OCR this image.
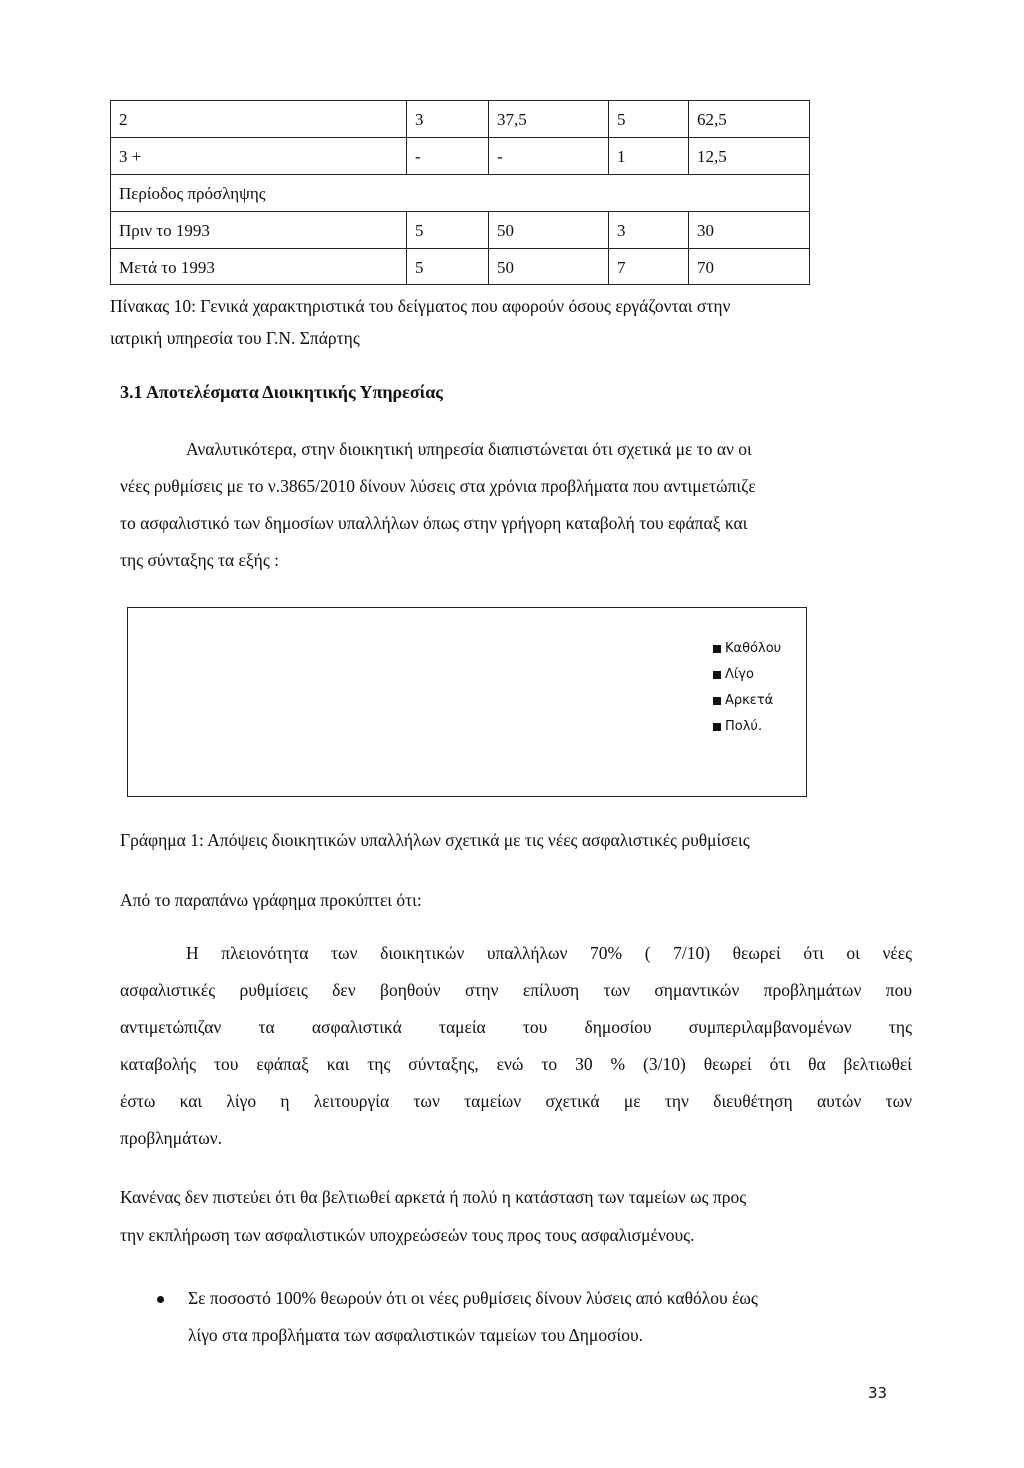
2	3	37,5	5	62,5
3 +	-	-	1	12,5
Περίοδος πρόσληψης
Πριν το 1993	5	50	3	30
Μετά το 1993	5	50	7	70
Πίνακας 10: Γενικά χαρακτηριστικά του δείγματος που αφορούν όσους εργάζονται στην
ιατρική υπηρεσία του Γ.Ν. Σπάρτης
3.1 Αποτελέσματα Διοικητικής Υπηρεσίας
Αναλυτικότερα, στην διοικητική υπηρεσία διαπιστώνεται ότι σχετικά με το αν οι
νέες ρυθμίσεις με το ν.3865/2010 δίνουν λύσεις στα χρόνια προβλήματα που αντιμετώπιζε
το ασφαλιστικό των δημοσίων υπαλλήλων όπως στην γρήγορη καταβολή του εφάπαξ και
της σύνταξης τα εξής :
Καθόλου
Λίγο
Αρκετά
Πολύ.
Γράφημα 1: Απόψεις διοικητικών υπαλλήλων σχετικά με τις νέες ασφαλιστικές ρυθμίσεις
Από το παραπάνω γράφημα προκύπτει ότι:
Η πλειονότητα των διοικητικών υπαλλήλων 70% ( 7/10) θεωρεί ότι οι νέες
ασφαλιστικές ρυθμίσεις δεν βοηθούν στην επίλυση των σημαντικών προβλημάτων που
αντιμετώπιζαν τα ασφαλιστικά ταμεία του δημοσίου συμπεριλαμβανομένων της
καταβολής του εφάπαξ και της σύνταξης, ενώ το 30 % (3/10) θεωρεί ότι θα βελτιωθεί
έστω και λίγο η λειτουργία των ταμείων σχετικά με την διευθέτηση αυτών των
προβλημάτων.
Κανένας δεν πιστεύει ότι θα βελτιωθεί αρκετά ή πολύ η κατάσταση των ταμείων ως προς
την εκπλήρωση των ασφαλιστικών υποχρεώσεών τους προς τους ασφαλισμένους.
Σε ποσοστό 100% θεωρούν ότι οι νέες ρυθμίσεις δίνουν λύσεις από καθόλου έως
λίγο στα προβλήματα των ασφαλιστικών ταμείων του Δημοσίου.
33
